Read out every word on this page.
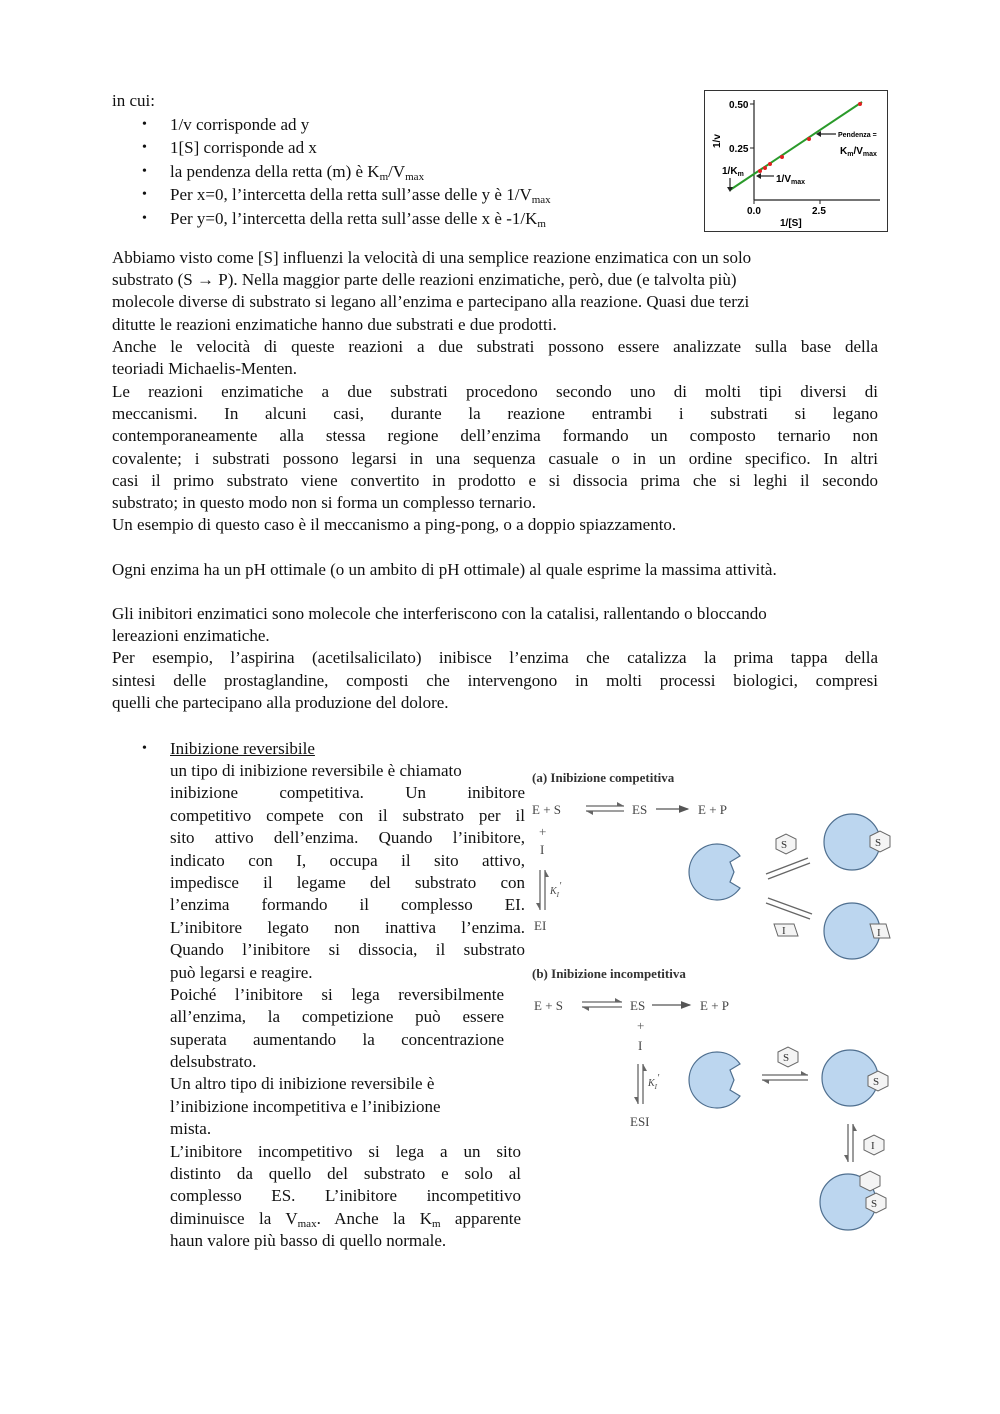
in cui:
• 1/v corrisponde ad y
• 1[S] corrisponde ad x
• la pendenza della retta (m) è $K_m/V_{max}$
• Per x=0, l’intercetta della retta sull’asse delle y è $1/V_{max}$
• Per y=0, l’intercetta della retta sull’asse delle x è $-1/K_m$
0.50
0.25
1/v
0.0	2.5
1/[S]
$1/K_m$	$1/V_{max}$
Pendenza =
$K_m/V_{max}$
Abbiamo visto come [S] influenzi la velocità di una semplice reazione enzimatica con un solo
substrato (S → P). Nella maggior parte delle reazioni enzimatiche, però, due (e talvolta più)
molecole diverse di substrato si legano all’enzima e partecipano alla reazione. Quasi due terzi
ditutte le reazioni enzimatiche hanno due substrati e due prodotti.
Anche le velocità di queste reazioni a due substrati possono essere analizzate sulla base della
teoriadi Michaelis-Menten.
Le reazioni enzimatiche a due substrati procedono secondo uno di molti tipi diversi di
meccanismi. In alcuni casi, durante la reazione entrambi i substrati si legano
contemporaneamente alla stessa regione dell’enzima formando un composto ternario non
covalente; i substrati possono legarsi in una sequenza casuale o in un ordine specifico. In altri
casi il primo substrato viene convertito in prodotto e si dissocia prima che si leghi il secondo
substrato; in questo modo non si forma un complesso ternario.
Un esempio di questo caso è il meccanismo a ping-pong, o a doppio spiazzamento.
Ogni enzima ha un pH ottimale (o un ambito di pH ottimale) al quale esprime la massima attività.
Gli inibitori enzimatici sono molecole che interferiscono con la catalisi, rallentando o bloccando
lereazioni enzimatiche.
Per esempio, l’aspirina (acetilsalicilato) inibisce l’enzima che catalizza la prima tappa della
sintesi delle prostaglandine, composti che intervengono in molti processi biologici, compresi
quelli che partecipano alla produzione del dolore.
• Inibizione reversibile
un tipo di inibizione reversibile è chiamato
inibizione competitiva. Un inibitore
competitivo compete con il substrato per il
sito attivo dell’enzima. Quando l’inibitore,
indicato con I, occupa il sito attivo,
impedisce il legame del substrato con
l’enzima formando il complesso EI.
L’inibitore legato non inattiva l’enzima.
Quando l’inibitore si dissocia, il substrato
può legarsi e reagire.
Poiché l’inibitore si lega reversibilmente
all’enzima, la competizione può essere
superata aumentando la concentrazione
delsubstrato.
Un altro tipo di inibizione reversibile è
l’inibizione incompetitiva e l’inibizione
mista.
L’inibitore incompetitivo si lega a un sito
distinto da quello del substrato e solo al
complesso ES. L’inibitore incompetitivo
diminuisce la $V_{max}$. Anche la $K_m$ apparente
haun valore più basso di quello normale.
(a) Inibizione competitiva
E + S	ES	E + P
+
I
$K_I'$
EI
S	S
I	I
(b) Inibizione incompetitiva
E + S	ES	E + P
+
I
$K_I'$
ESI
S
S
I
S
